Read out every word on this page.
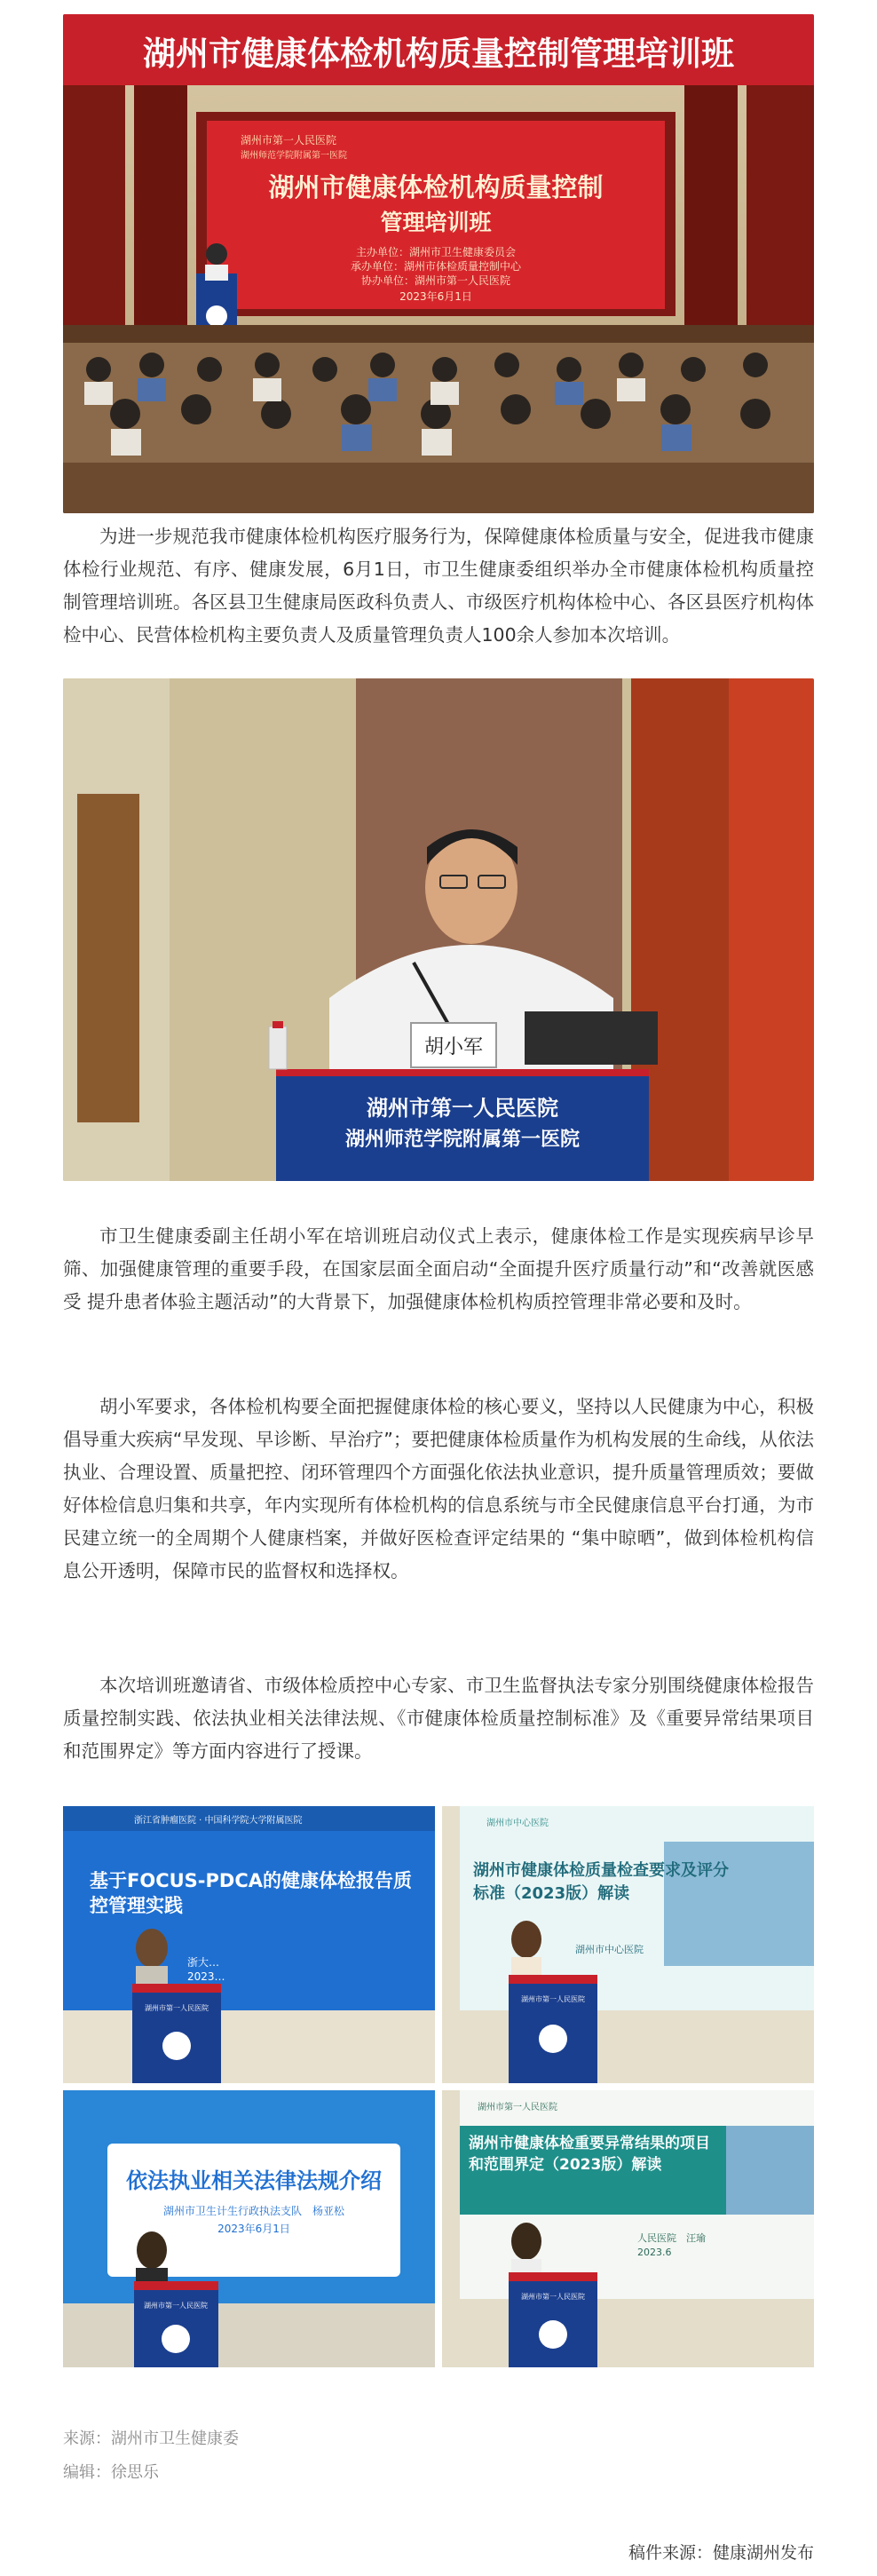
湖州市健康体检机构质量控制管理培训班
湖州市第一人民医院
湖州师范学院附属第一医院
湖州市健康体检机构质量控制
管理培训班
主办单位：湖州市卫生健康委员会
承办单位：湖州市体检质量控制中心
协办单位：湖州市第一人民医院
2023年6月1日

为进一步规范我市健康体检机构医疗服务行为，保障健康体检质量与安全，促进我市健康体检行业规范、有序、健康发展，6月1日，市卫生健康委组织举办全市健康体检机构质量控制管理培训班。各区县卫生健康局医政科负责人、市级医疗机构体检中心、各区县医疗机构体检中心、民营体检机构主要负责人及质量管理负责人100余人参加本次培训。

湖州市第一人民医院
湖州师范学院附属第一医院
胡小军

市卫生健康委副主任胡小军在培训班启动仪式上表示，健康体检工作是实现疾病早诊早筛、加强健康管理的重要手段，在国家层面全面启动“全面提升医疗质量行动”和“改善就医感受 提升患者体验主题活动”的大背景下，加强健康体检机构质控管理非常必要和及时。

胡小军要求，各体检机构要全面把握健康体检的核心要义，坚持以人民健康为中心，积极倡导重大疾病“早发现、早诊断、早治疗”；要把健康体检质量作为机构发展的生命线，从依法执业、合理设置、质量把控、闭环管理四个方面强化依法执业意识，提升质量管理质效；要做好体检信息归集和共享，年内实现所有体检机构的信息系统与市全民健康信息平台打通，为市民建立统一的全周期个人健康档案，并做好医检查评定结果的 “集中晾晒”，做到体检机构信息公开透明，保障市民的监督权和选择权。

本次培训班邀请省、市级体检质控中心专家、市卫生监督执法专家分别围绕健康体检报告质量控制实践、依法执业相关法律法规、《市健康体检质量控制标准》及《重要异常结果项目和范围界定》等方面内容进行了授课。

浙江省肿瘤医院 · 中国科学院大学附属医院
基于FOCUS-PDCA的健康体检报告质控管理实践
浙大…
2023…
湖州市第一人民医院
湖州市中心医院
湖州市健康体检质量检查要求及评分标准（2023版）解读
湖州市中心医院
湖州市第一人民医院
依法执业相关法律法规介绍
湖州市卫生计生行政执法支队　杨亚松
2023年6月1日
湖州市第一人民医院
湖州市第一人民医院
湖州市健康体检重要异常结果的项目和范围界定（2023版）解读
人民医院　汪瑜
2023.6
湖州市第一人民医院

来源：湖州市卫生健康委

编辑：徐思乐

稿件来源：健康湖州发布
